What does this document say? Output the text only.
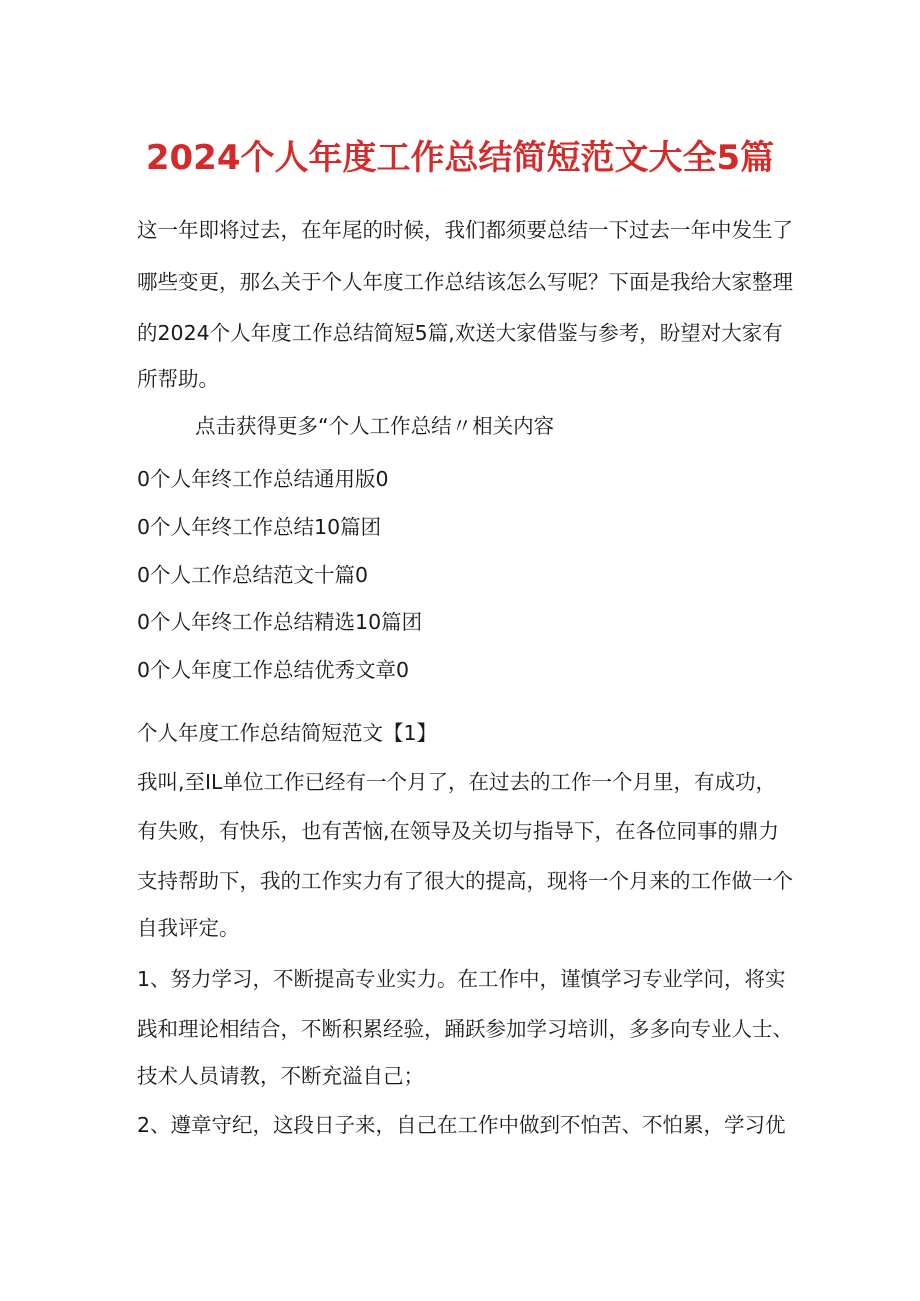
2024个人年度工作总结简短范文大全5篇
这一年即将过去，在年尾的时候，我们都须要总结一下过去一年中发生了
哪些变更，那么关于个人年度工作总结该怎么写呢？下面是我给大家整理
的2024个人年度工作总结简短5篇,欢送大家借鉴与参考，盼望对大家有
所帮助。
点击获得更多“个人工作总结〃相关内容
0个人年终工作总结通用版0
0个人年终工作总结10篇团
0个人工作总结范文十篇0
0个人年终工作总结精选10篇团
0个人年度工作总结优秀文章0
个人年度工作总结简短范文【1】
我叫,至IL单位工作已经有一个月了，在过去的工作一个月里，有成功，
有失败，有快乐，也有苦恼,在领导及关切与指导下，在各位同事的鼎力
支持帮助下，我的工作实力有了很大的提高，现将一个月来的工作做一个
自我评定。
1、努力学习，不断提高专业实力。在工作中，谨慎学习专业学问，将实
践和理论相结合，不断积累经验，踊跃参加学习培训，多多向专业人士、
技术人员请教，不断充溢自己；
2、遵章守纪，这段日子来，自己在工作中做到不怕苦、不怕累，学习优
